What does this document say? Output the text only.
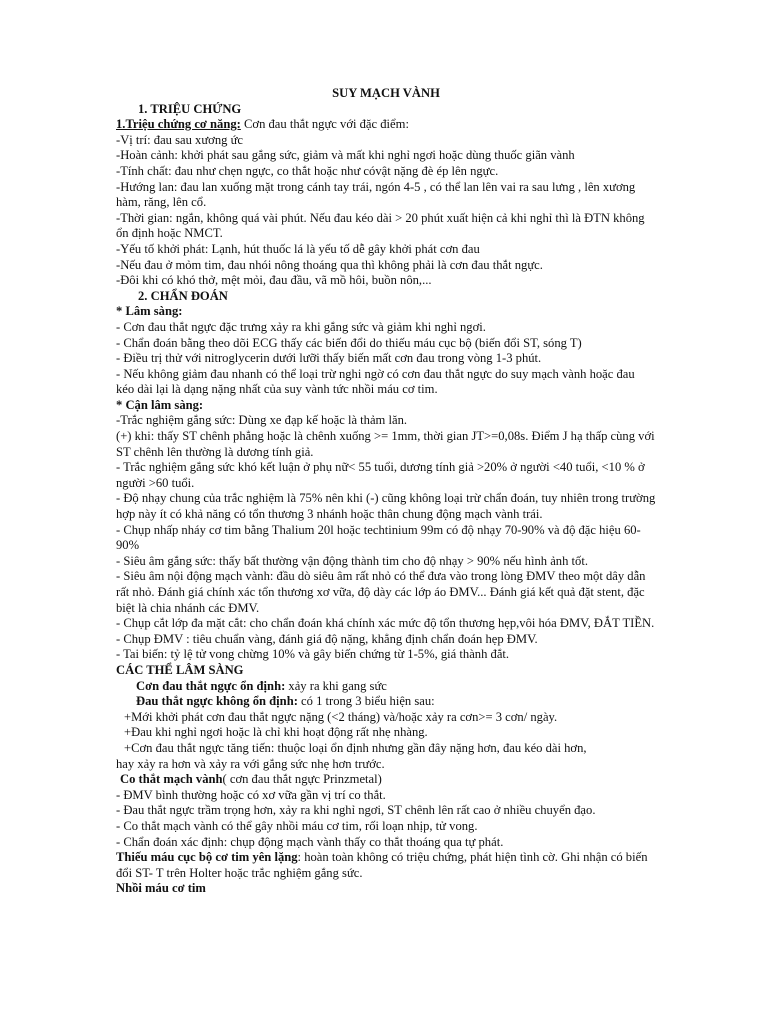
SUY MẠCH VÀNH
1. TRIỆU CHỨNG
1.Triệu chứng cơ năng: Cơn đau thắt ngực với đặc điểm:
-Vị trí: đau sau xương ức
-Hoàn cảnh: khởi phát sau gắng sức, giảm và mất khi nghỉ ngơi hoặc dùng thuốc giãn vành
-Tính chất: đau như chẹn ngực, co thắt hoặc như cóvật nặng đè ép lên ngực.
-Hướng lan: đau lan xuống mặt trong cánh tay trái, ngón 4-5 , có thể lan lên vai ra sau lưng , lên xương hàm, răng, lên cổ.
-Thời gian: ngắn, không quá vài phút. Nếu đau kéo dài > 20 phút xuất hiện cả khi nghỉ thì là ĐTN không ổn định hoặc NMCT.
-Yếu tố khởi phát: Lạnh, hút thuốc lá là yếu tố dễ gây khởi phát cơn đau
-Nếu đau ở mỏm tim, đau nhói nông thoáng qua thì không phải là cơn đau thắt ngực.
-Đôi khi có khó thở, mệt mỏi, đau đầu, vã mồ hôi, buồn nôn,...
2. CHẨN ĐOÁN
* Lâm sàng:
- Cơn đau thắt ngực đặc trưng xảy ra khi gắng sức và giảm khi nghỉ ngơi.
- Chẩn đoán bằng theo dõi ECG thấy các biến đổi do thiếu máu cục bộ (biến đổi ST, sóng T)
- Điều trị thử với nitroglycerin dưới lưỡi thấy biến mất cơn đau trong vòng 1-3 phút.
- Nếu không giảm đau nhanh có thể loại trừ nghi ngờ có cơn đau thắt ngực do suy mạch vành hoặc đau kéo dài lại là dạng nặng nhất của suy vành tức nhồi máu cơ tim.
* Cận lâm sàng:
-Trắc nghiệm gắng sức: Dùng xe đạp kế hoặc là thảm lăn.
(+) khi: thấy ST chênh phẳng hoặc là chênh xuống >= 1mm, thời gian JT>=0,08s. Điểm J hạ thấp cùng với ST chênh lên thường là dương tính giả.
- Trắc nghiệm gắng sức khó kết luận ở phụ nữ< 55 tuổi, dương tính giả >20% ở người <40 tuổi, <10 % ở người >60 tuổi.
- Độ nhạy chung của trắc nghiệm là 75% nên khi (-) cũng không loại trừ chẩn đoán, tuy nhiên trong trường hợp này ít có khả năng có tổn thương 3 nhánh hoặc thân chung động mạch vành trái.
- Chụp nhấp nháy cơ tim bằng Thalium 20l hoặc techtinium 99m có độ nhạy 70-90% và độ đặc hiệu 60-90%
- Siêu âm gắng sức: thấy bất thường vận động thành tim cho độ nhạy > 90% nếu hình ảnh tốt.
- Siêu âm nội động mạch vành: đầu dò siêu âm rất nhỏ có thể đưa vào trong lòng ĐMV theo một dây dẫn rất nhỏ. Đánh giá chính xác tổn thương xơ vữa, độ dày các lớp áo ĐMV... Đánh giá kết quả đặt stent, đặc biệt là chia nhánh các ĐMV.
- Chụp cắt lớp đa mặt cắt: cho chẩn đoán khá chính xác mức độ tổn thương hẹp,vôi hóa ĐMV, ĐẮT TIỀN.
- Chụp ĐMV : tiêu chuẩn vàng, đánh giá độ nặng, khẳng định chẩn đoán hẹp ĐMV.
- Tai biến: tỷ lệ tử vong chừng 10% và gây biến chứng từ 1-5%, giá thành đắt.
CÁC THỂ LÂM SÀNG
Cơn đau thắt ngực ổn định: xảy ra khi gang sức
Đau thắt ngực không ổn định: có 1 trong 3 biểu hiện sau:
+Mới khởi phát cơn đau thắt ngực nặng (<2 tháng) và/hoặc xảy ra cơn>= 3 cơn/ ngày.
+Đau khi nghỉ ngơi hoặc là chỉ khi hoạt động rất nhẹ nhàng.
+Cơn đau thắt ngực tăng tiến: thuộc loại ổn định nhưng gần đây nặng hơn, đau kéo dài hơn,
hay xảy ra hơn và xảy ra với gắng sức nhẹ hơn trước.
Co thắt mạch vành( cơn đau thắt ngực Prinzmetal)
- ĐMV bình thường hoặc có xơ vữa gần vị trí co thắt.
- Đau thắt ngực trầm trọng hơn, xảy ra khi nghỉ ngơi, ST chênh lên rất cao ở nhiều chuyển đạo.
- Co thắt mạch vành có thể gây nhồi máu cơ tim, rối loạn nhịp, tử vong.
- Chẩn đoán xác định: chụp động mạch vành thấy co thắt thoáng qua tự phát.
Thiếu máu cục bộ cơ tim yên lặng: hoàn toàn không có triệu chứng, phát hiện tình cờ. Ghi nhận có biến đổi ST- T trên Holter hoặc trắc nghiệm gắng sức.
Nhồi máu cơ tim
